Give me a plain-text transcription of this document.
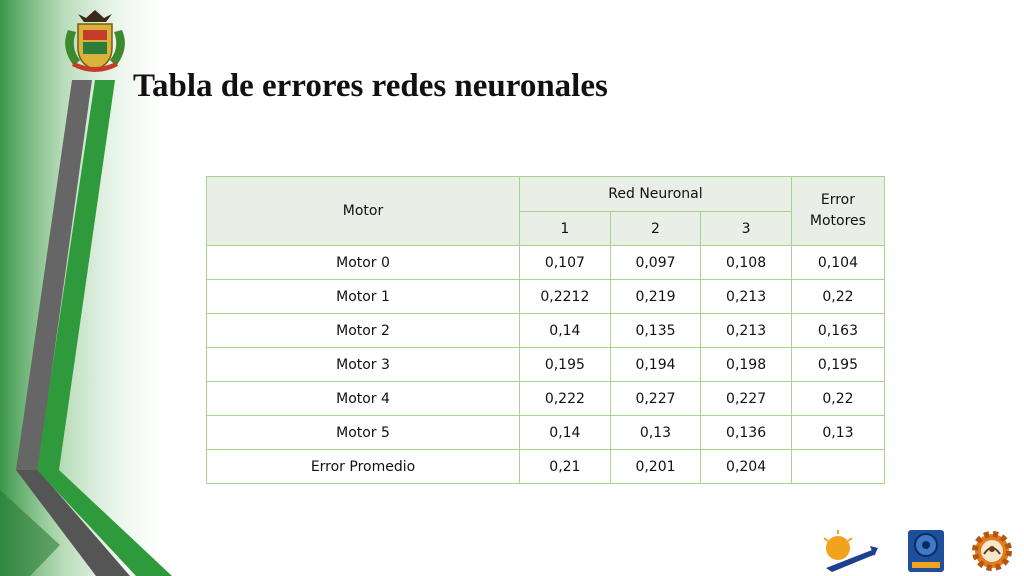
Tabla de errores redes neuronales
Motor	Red Neuronal			Error Motores
	1	2	3	
Motor 0	0,107	0,097	0,108	0,104
Motor 1	0,2212	0,219	0,213	0,22
Motor 2	0,14	0,135	0,213	0,163
Motor 3	0,195	0,194	0,198	0,195
Motor 4	0,222	0,227	0,227	0,22
Motor 5	0,14	0,13	0,136	0,13
Error Promedio	0,21	0,201	0,204	
